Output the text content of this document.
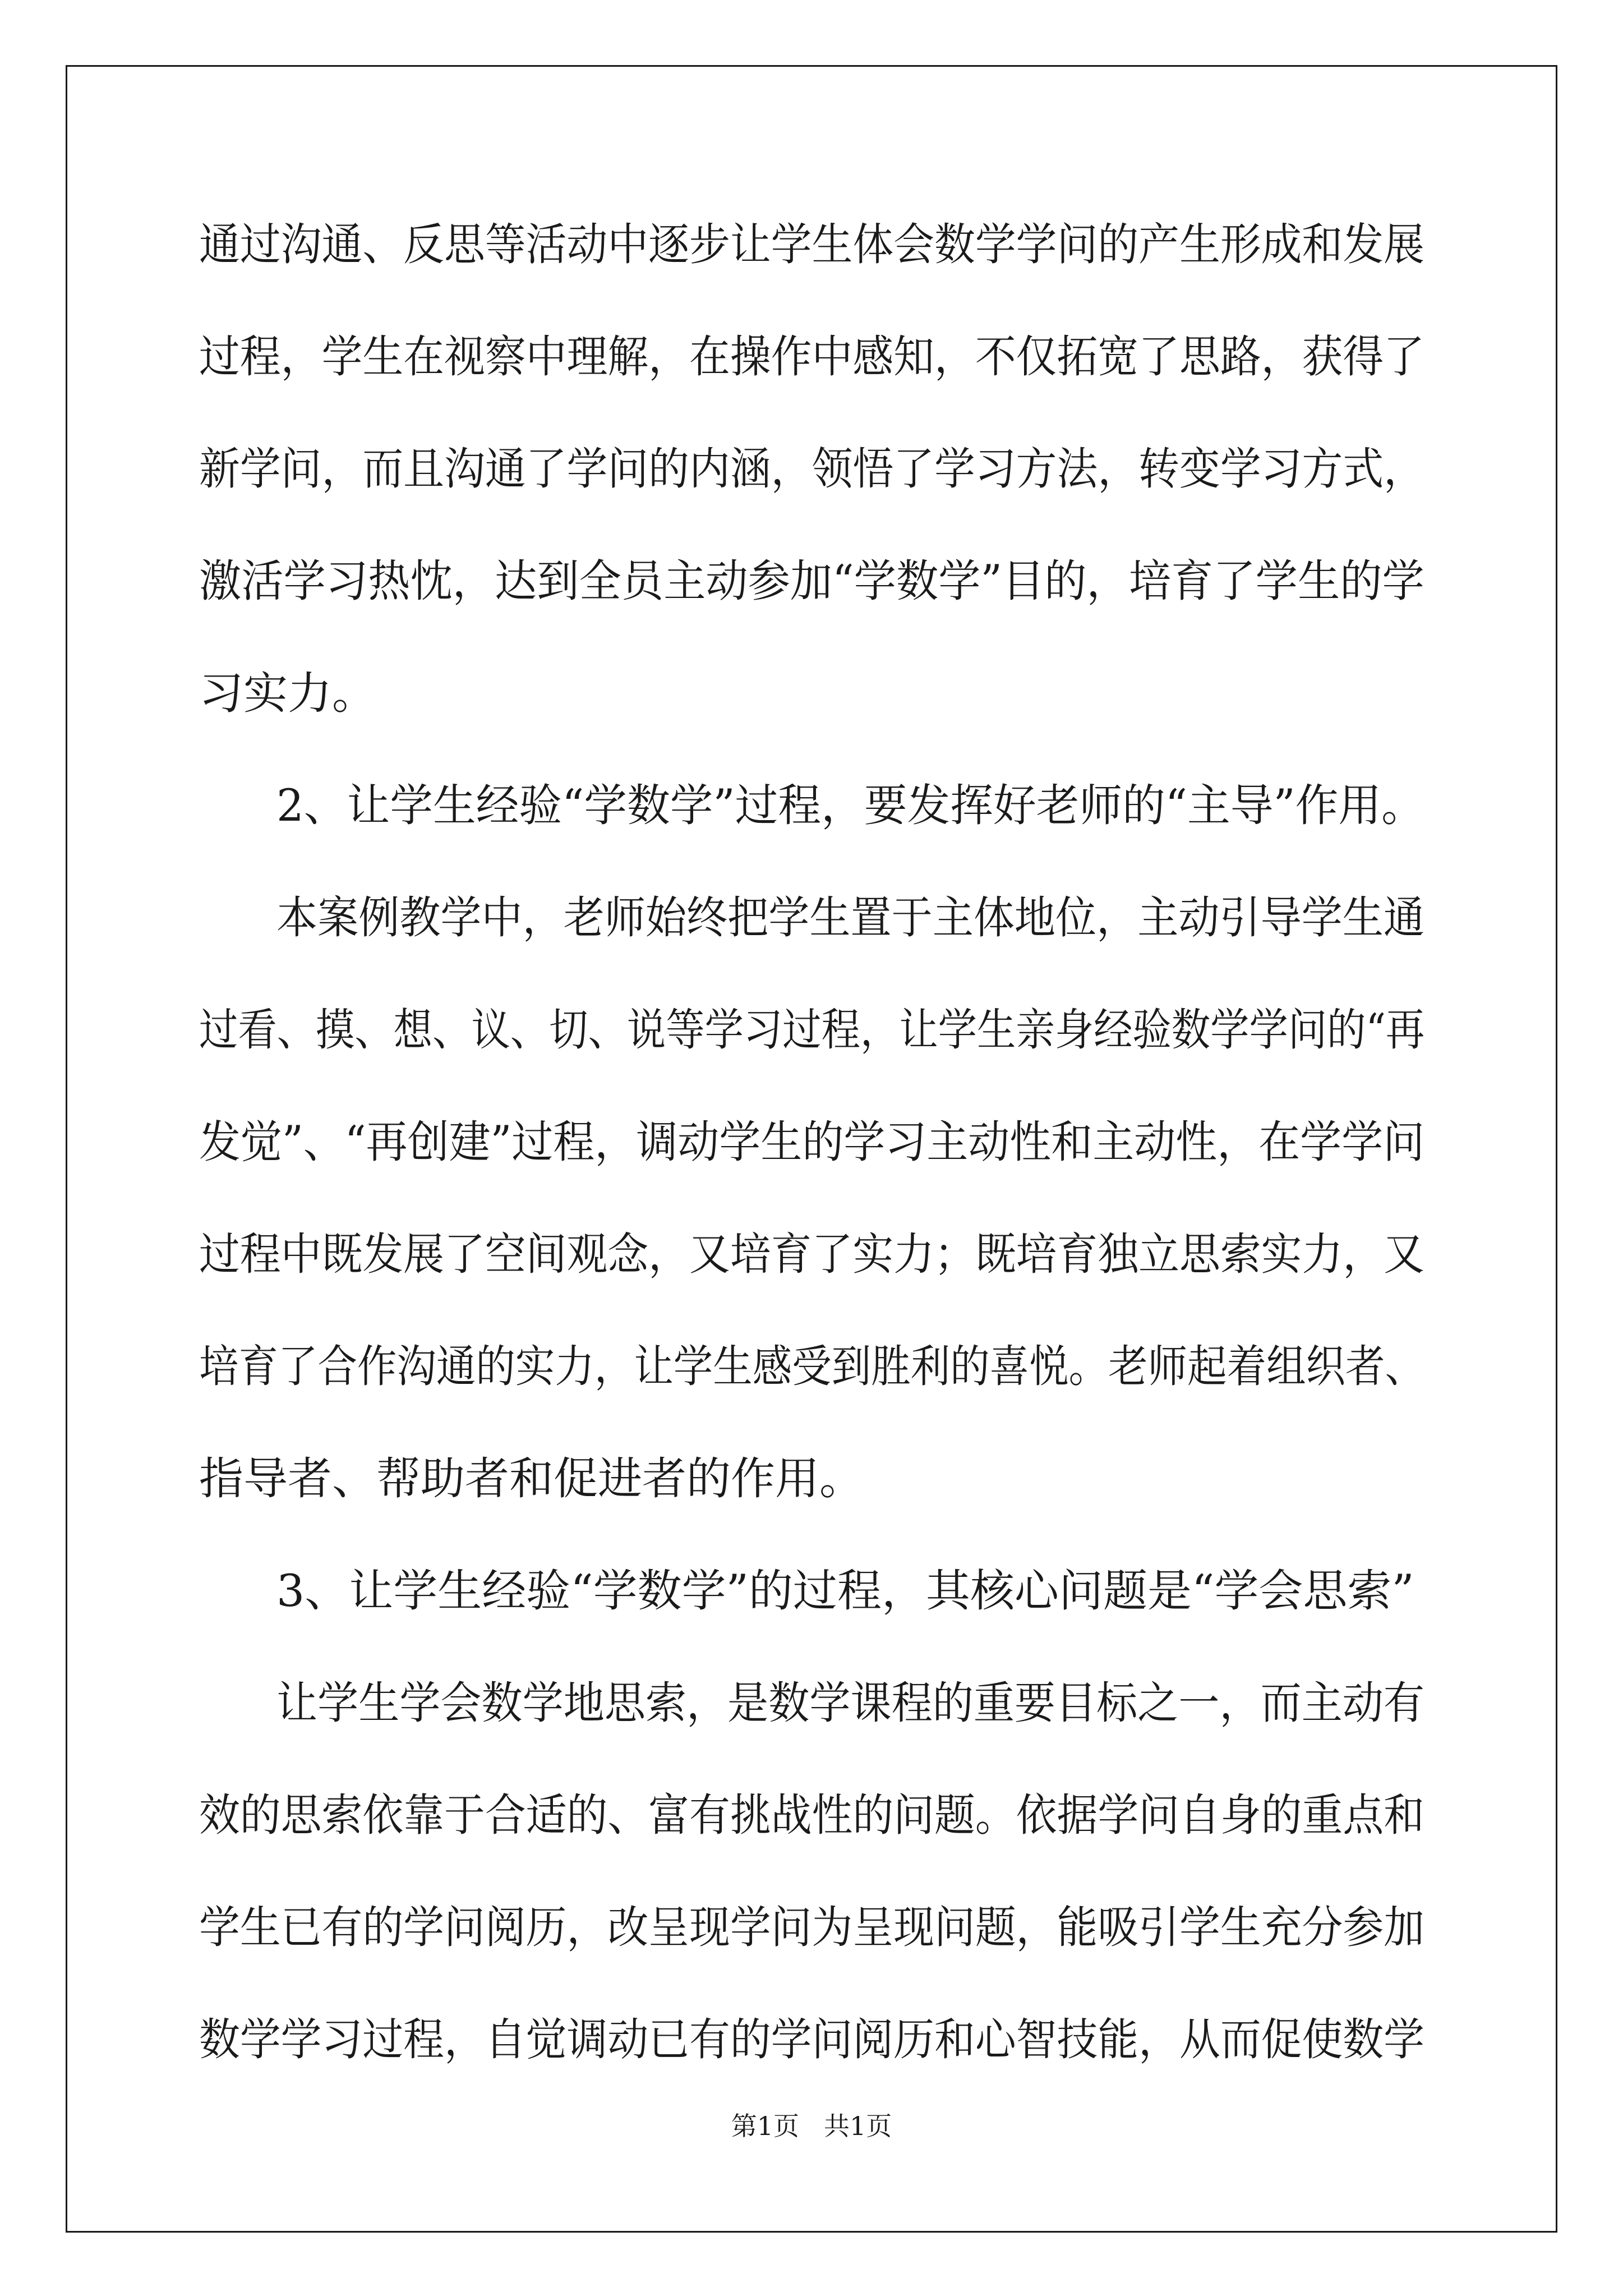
通过沟通、反思等活动中逐步让学生体会数学学问的产生形成和发展
过程，学生在视察中理解，在操作中感知，不仅拓宽了思路，获得了
新学问，而且沟通了学问的内涵，领悟了学习方法，转变学习方式，
激活学习热忱，达到全员主动参加“学数学”目的，培育了学生的学
习实力。
2、让学生经验“学数学”过程，要发挥好老师的“主导”作用。
本案例教学中，老师始终把学生置于主体地位，主动引导学生通
过看、摸、想、议、切、说等学习过程，让学生亲身经验数学学问的“再
发觉”、“再创建”过程，调动学生的学习主动性和主动性，在学学问
过程中既发展了空间观念，又培育了实力；既培育独立思索实力，又
培育了合作沟通的实力，让学生感受到胜利的喜悦。老师起着组织者、
指导者、帮助者和促进者的作用。
3、让学生经验“学数学”的过程，其核心问题是“学会思索”
让学生学会数学地思索，是数学课程的重要目标之一，而主动有
效的思索依靠于合适的、富有挑战性的问题。依据学问自身的重点和
学生已有的学问阅历，改呈现学问为呈现问题，能吸引学生充分参加
数学学习过程，自觉调动已有的学问阅历和心智技能，从而促使数学
第1页 共1页
